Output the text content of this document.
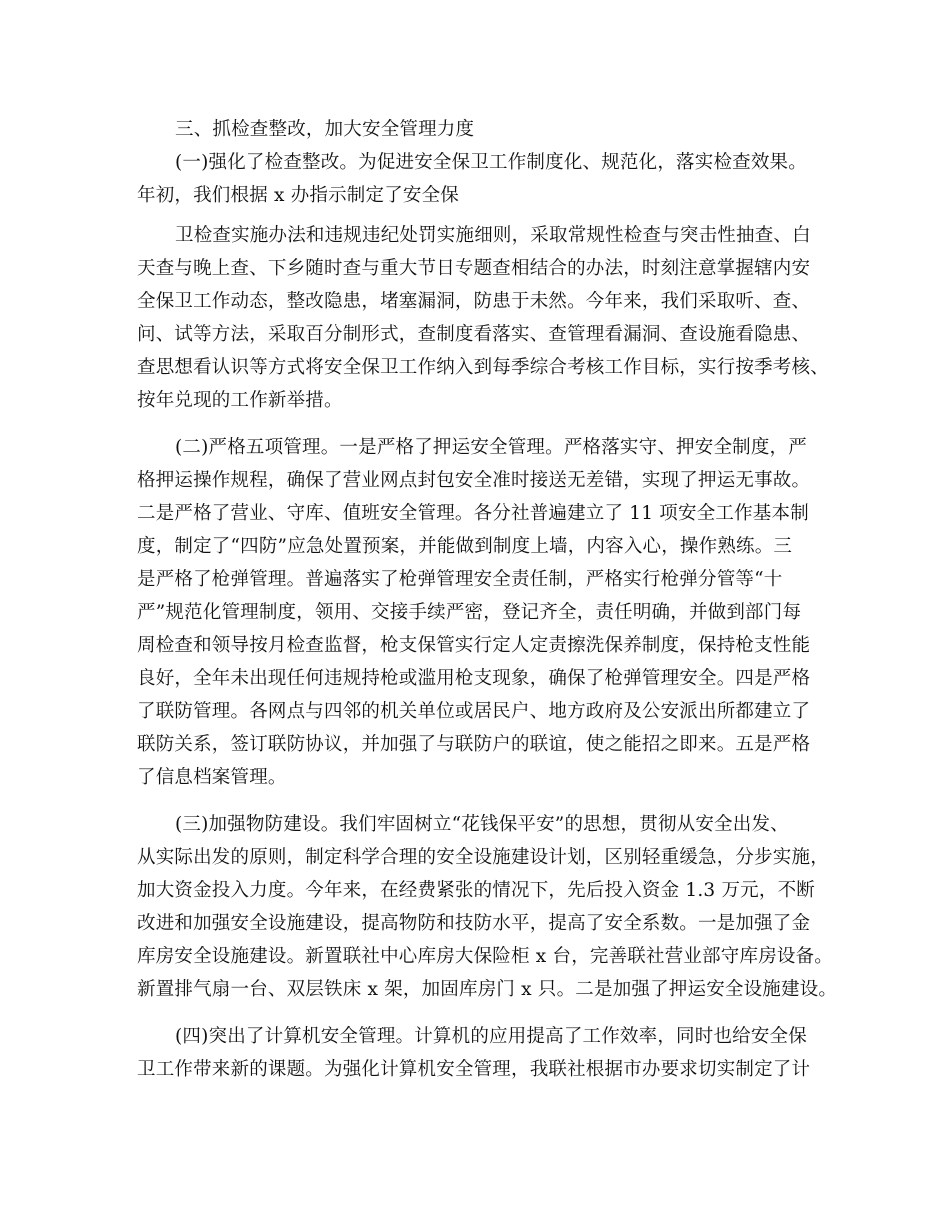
三、抓检查整改，加大安全管理力度
(一)强化了检查整改。为促进安全保卫工作制度化、规范化，落实检查效果。
年初，我们根据 x 办指示制定了安全保
卫检查实施办法和违规违纪处罚实施细则，采取常规性检查与突击性抽查、白
天查与晚上查、下乡随时查与重大节日专题查相结合的办法，时刻注意掌握辖内安
全保卫工作动态，整改隐患，堵塞漏洞，防患于未然。今年来，我们采取听、查、
问、试等方法，采取百分制形式，查制度看落实、查管理看漏洞、查设施看隐患、
查思想看认识等方式将安全保卫工作纳入到每季综合考核工作目标，实行按季考核、
按年兑现的工作新举措。
(二)严格五项管理。一是严格了押运安全管理。严格落实守、押安全制度，严
格押运操作规程，确保了营业网点封包安全准时接送无差错，实现了押运无事故。
二是严格了营业、守库、值班安全管理。各分社普遍建立了 11 项安全工作基本制
度，制定了“四防”应急处置预案，并能做到制度上墙，内容入心，操作熟练。三
是严格了枪弹管理。普遍落实了枪弹管理安全责任制，严格实行枪弹分管等“十
严”规范化管理制度，领用、交接手续严密，登记齐全，责任明确，并做到部门每
周检查和领导按月检查监督，枪支保管实行定人定责擦洗保养制度，保持枪支性能
良好，全年未出现任何违规持枪或滥用枪支现象，确保了枪弹管理安全。四是严格
了联防管理。各网点与四邻的机关单位或居民户、地方政府及公安派出所都建立了
联防关系，签订联防协议，并加强了与联防户的联谊，使之能招之即来。五是严格
了信息档案管理。
(三)加强物防建设。我们牢固树立“花钱保平安”的思想，贯彻从安全出发、
从实际出发的原则，制定科学合理的安全设施建设计划，区别轻重缓急，分步实施，
加大资金投入力度。今年来，在经费紧张的情况下，先后投入资金 1.3 万元，不断
改进和加强安全设施建设，提高物防和技防水平，提高了安全系数。一是加强了金
库房安全设施建设。新置联社中心库房大保险柜 x 台，完善联社营业部守库房设备。
新置排气扇一台、双层铁床 x 架，加固库房门 x 只。二是加强了押运安全设施建设。
(四)突出了计算机安全管理。计算机的应用提高了工作效率，同时也给安全保
卫工作带来新的课题。为强化计算机安全管理，我联社根据市办要求切实制定了计
